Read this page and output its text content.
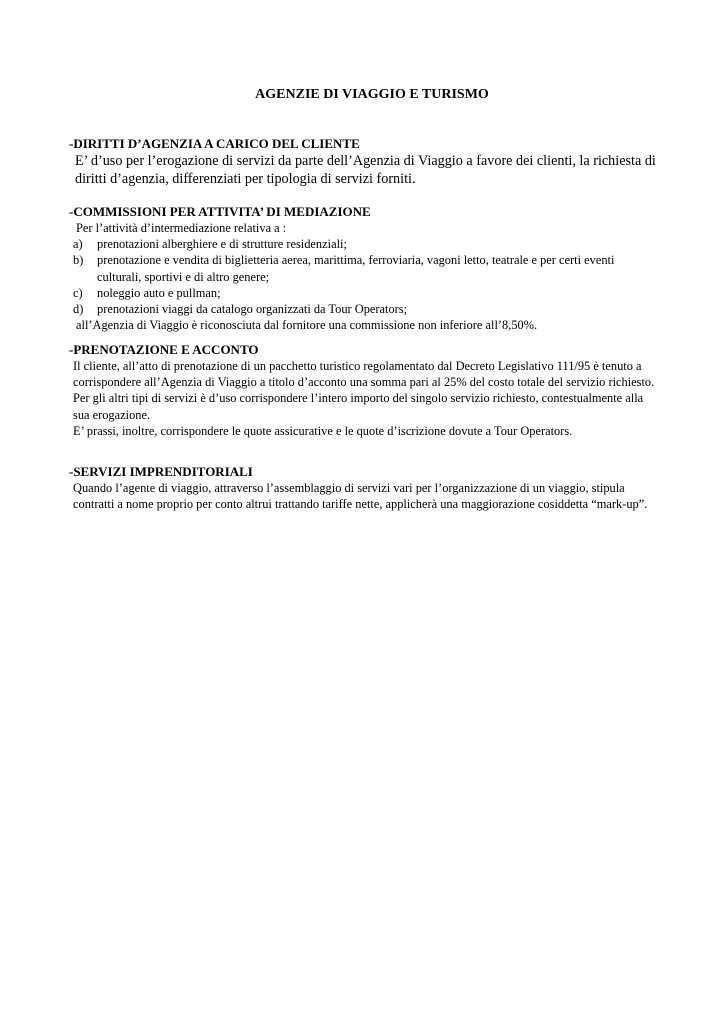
AGENZIE DI VIAGGIO E TURISMO

-DIRITTI D’AGENZIA A CARICO DEL CLIENTE

E’ d’uso per l’erogazione di servizi da parte dell’Agenzia di Viaggio a favore dei clienti, la richiesta di diritti d’agenzia, differenziati per tipologia di servizi forniti.

-COMMISSIONI PER ATTIVITA’ DI MEDIAZIONE

Per l’attività d’intermediazione relativa a :

a)	prenotazioni alberghiere e di strutture residenziali;
b)	prenotazione e vendita di biglietteria aerea, marittima, ferroviaria, vagoni letto, teatrale e per certi eventi culturali, sportivi e di altro genere;
c)	noleggio auto e pullman;
d)	prenotazioni viaggi da catalogo organizzati da Tour Operators;

all’Agenzia di Viaggio è riconosciuta dal fornitore una commissione non inferiore all’8,50%.

-PRENOTAZIONE E ACCONTO

Il cliente, all’atto di prenotazione di un pacchetto turistico regolamentato dal Decreto Legislativo 111/95 è tenuto a corrispondere all’Agenzia di Viaggio a titolo d’acconto una somma pari al 25% del costo totale del servizio richiesto.

Per gli altri tipi di servizi è d’uso corrispondere l’intero importo del singolo servizio richiesto, contestualmente alla sua erogazione.

E’ prassi, inoltre, corrispondere le quote assicurative e le quote d’iscrizione dovute a Tour Operators.

-SERVIZI IMPRENDITORIALI

Quando l’agente di viaggio, attraverso l’assemblaggio di servizi vari per l’organizzazione di un viaggio, stipula contratti a nome proprio per conto altrui trattando tariffe nette, applicherà una maggiorazione cosiddetta “mark-up”.
